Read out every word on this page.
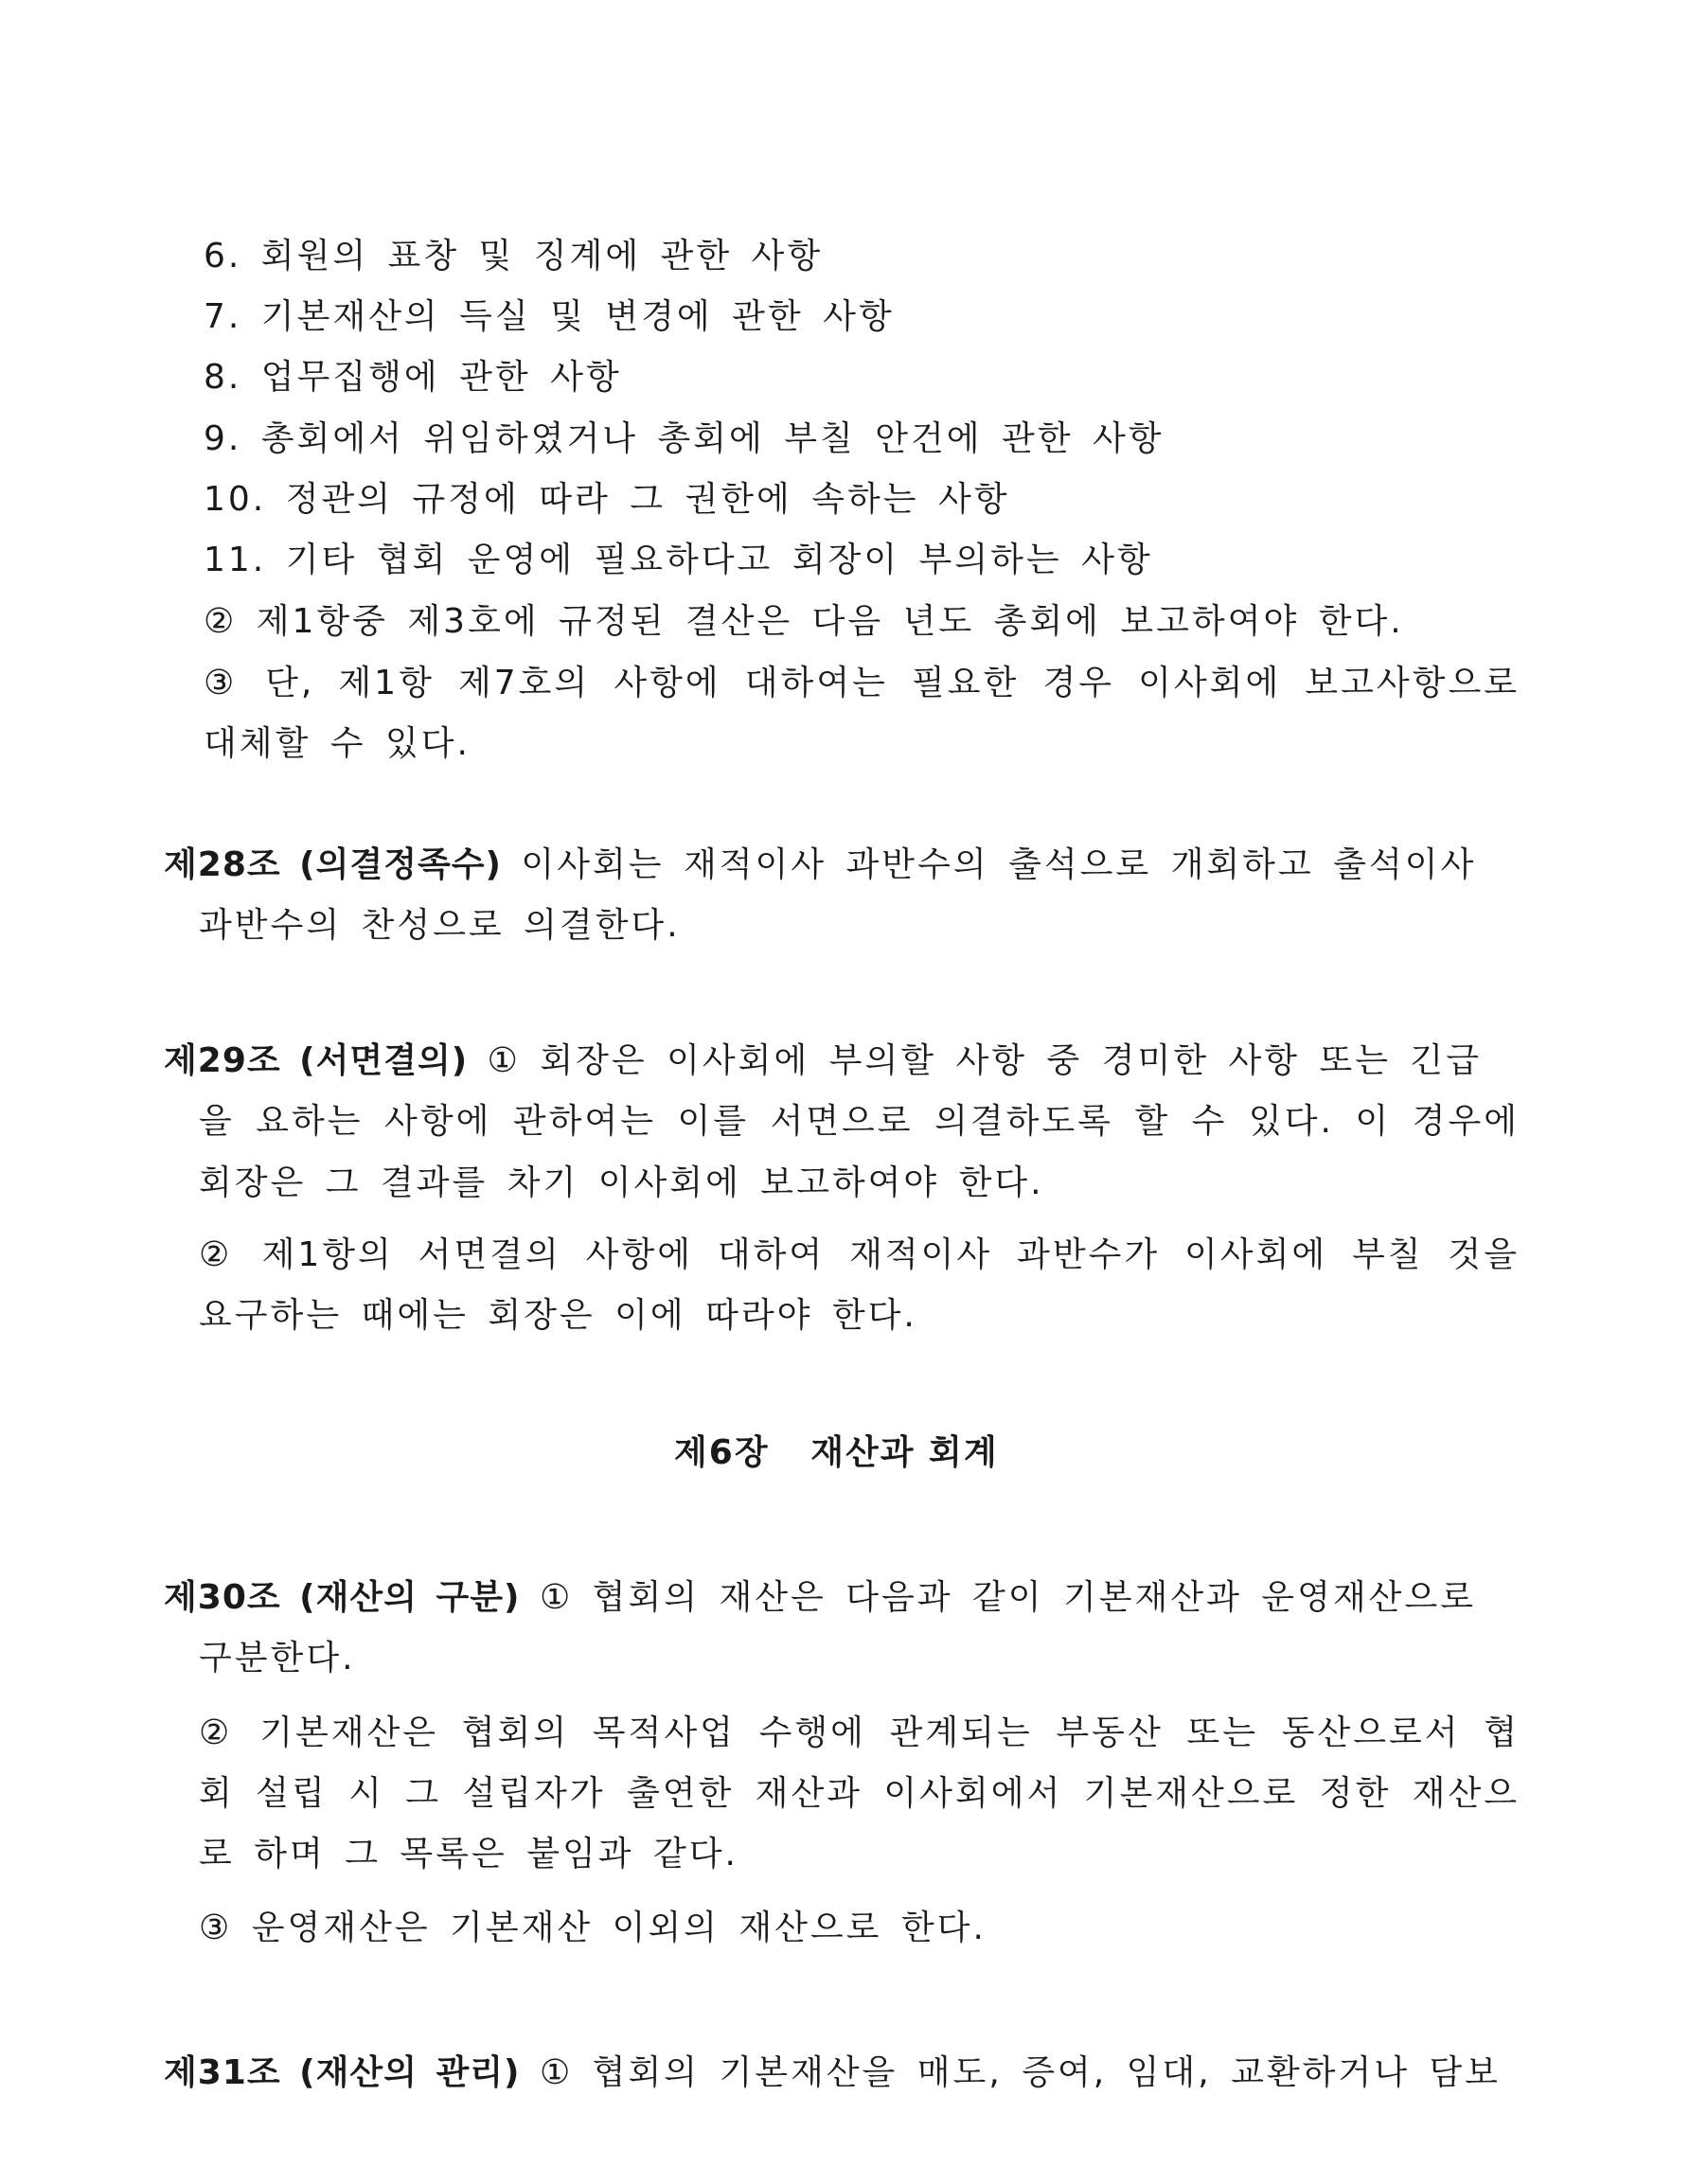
6. 회원의 표창 및 징계에 관한 사항
7. 기본재산의 득실 및 변경에 관한 사항
8. 업무집행에 관한 사항
9. 총회에서 위임하였거나 총회에 부칠 안건에 관한 사항
10. 정관의 규정에 따라 그 권한에 속하는 사항
11. 기타 협회 운영에 필요하다고 회장이 부의하는 사항
② 제1항중 제3호에 규정된 결산은 다음 년도 총회에 보고하여야 한다.
③ 단, 제1항 제7호의 사항에 대하여는 필요한 경우 이사회에 보고사항으로
대체할 수 있다.
제28조 (의결정족수) 이사회는 재적이사 과반수의 출석으로 개회하고 출석이사
과반수의 찬성으로 의결한다.
제29조 (서면결의) ① 회장은 이사회에 부의할 사항 중 경미한 사항 또는 긴급
을 요하는 사항에 관하여는 이를 서면으로 의결하도록 할 수 있다. 이 경우에
회장은 그 결과를 차기 이사회에 보고하여야 한다.
② 제1항의 서면결의 사항에 대하여 재적이사 과반수가 이사회에 부칠 것을
요구하는 때에는 회장은 이에 따라야 한다.
제6장   재산과 회계
제30조 (재산의 구분) ① 협회의 재산은 다음과 같이 기본재산과 운영재산으로
구분한다.
② 기본재산은 협회의 목적사업 수행에 관계되는 부동산 또는 동산으로서 협
회 설립 시 그 설립자가 출연한 재산과 이사회에서 기본재산으로 정한 재산으
로 하며 그 목록은 붙임과 같다.
③ 운영재산은 기본재산 이외의 재산으로 한다.
제31조 (재산의 관리) ① 협회의 기본재산을 매도, 증여, 임대, 교환하거나 담보
